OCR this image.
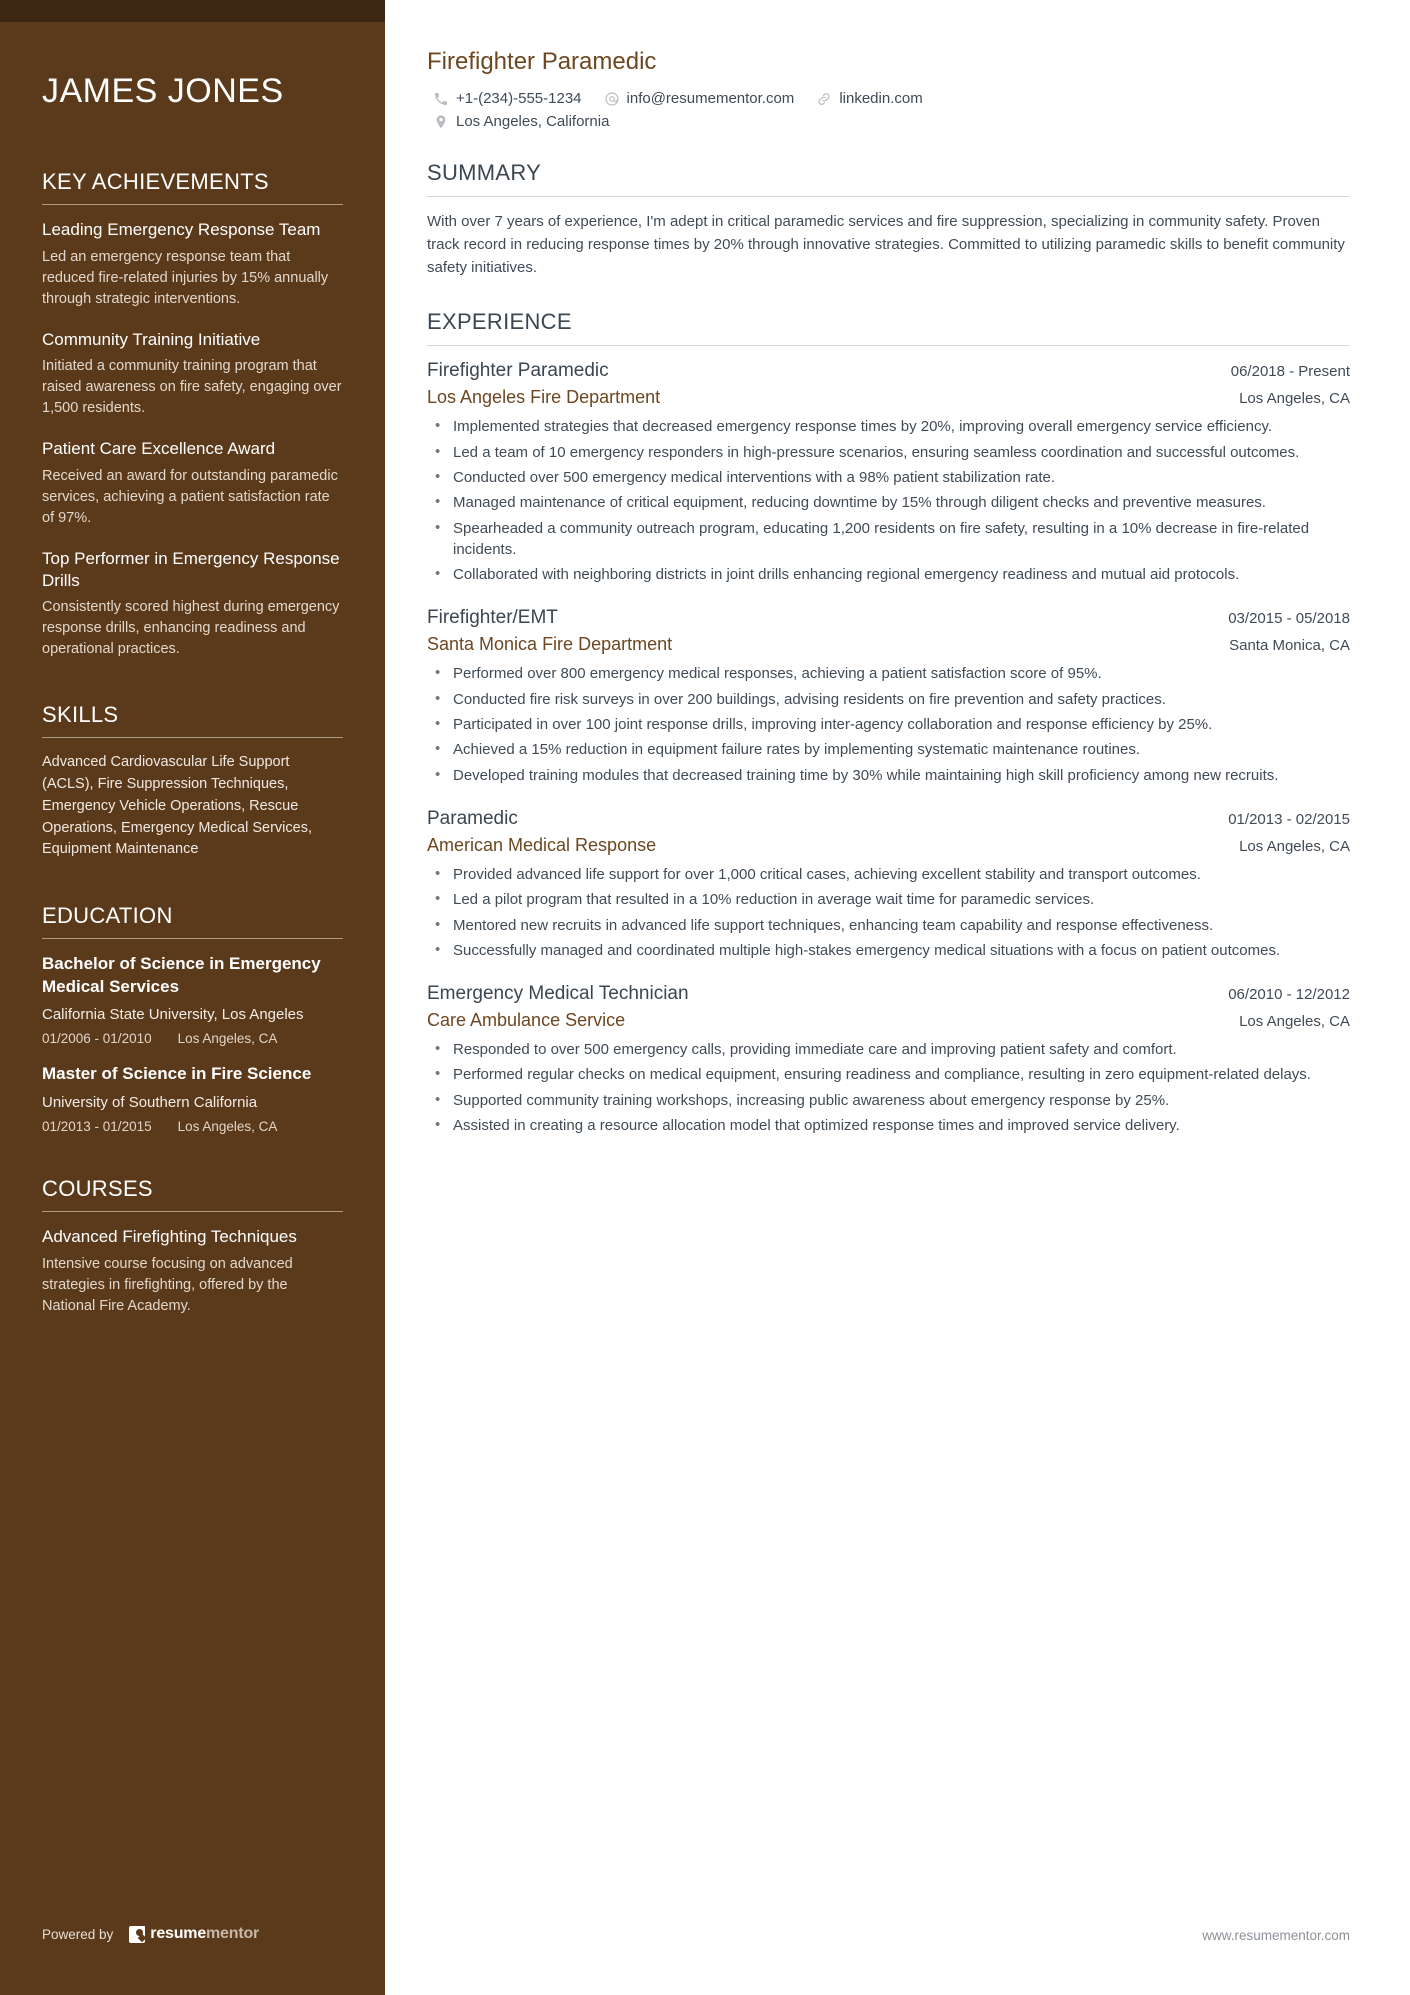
JAMES JONES
KEY ACHIEVEMENTS
Leading Emergency Response Team
Led an emergency response team that reduced fire-related injuries by 15% annually through strategic interventions.
Community Training Initiative
Initiated a community training program that raised awareness on fire safety, engaging over 1,500 residents.
Patient Care Excellence Award
Received an award for outstanding paramedic services, achieving a patient satisfaction rate of 97%.
Top Performer in Emergency Response Drills
Consistently scored highest during emergency response drills, enhancing readiness and operational practices.
SKILLS
Advanced Cardiovascular Life Support (ACLS), Fire Suppression Techniques, Emergency Vehicle Operations, Rescue Operations, Emergency Medical Services, Equipment Maintenance
EDUCATION
Bachelor of Science in Emergency Medical Services
California State University, Los Angeles
01/2006 - 01/2010 Los Angeles, CA
Master of Science in Fire Science
University of Southern California
01/2013 - 01/2015 Los Angeles, CA
COURSES
Advanced Firefighting Techniques
Intensive course focusing on advanced strategies in firefighting, offered by the National Fire Academy.
Powered by resumementor
Firefighter Paramedic
+1-(234)-555-1234	info@resumementor.com	linkedin.com
Los Angeles, California
SUMMARY

With over 7 years of experience, I'm adept in critical paramedic services and fire suppression, specializing in community safety. Proven track record in reducing response times by 20% through innovative strategies. Committed to utilizing paramedic skills to benefit community safety initiatives.

EXPERIENCE
Firefighter Paramedic	06/2018 - Present
Los Angeles Fire Department	Los Angeles, CA
• Implemented strategies that decreased emergency response times by 20%, improving overall emergency service efficiency.
• Led a team of 10 emergency responders in high-pressure scenarios, ensuring seamless coordination and successful outcomes.
• Conducted over 500 emergency medical interventions with a 98% patient stabilization rate.
• Managed maintenance of critical equipment, reducing downtime by 15% through diligent checks and preventive measures.
• Spearheaded a community outreach program, educating 1,200 residents on fire safety, resulting in a 10% decrease in fire-related incidents.
• Collaborated with neighboring districts in joint drills enhancing regional emergency readiness and mutual aid protocols.
Firefighter/EMT	03/2015 - 05/2018
Santa Monica Fire Department	Santa Monica, CA
• Performed over 800 emergency medical responses, achieving a patient satisfaction score of 95%.
• Conducted fire risk surveys in over 200 buildings, advising residents on fire prevention and safety practices.
• Participated in over 100 joint response drills, improving inter-agency collaboration and response efficiency by 25%.
• Achieved a 15% reduction in equipment failure rates by implementing systematic maintenance routines.
• Developed training modules that decreased training time by 30% while maintaining high skill proficiency among new recruits.
Paramedic	01/2013 - 02/2015
American Medical Response	Los Angeles, CA
• Provided advanced life support for over 1,000 critical cases, achieving excellent stability and transport outcomes.
• Led a pilot program that resulted in a 10% reduction in average wait time for paramedic services.
• Mentored new recruits in advanced life support techniques, enhancing team capability and response effectiveness.
• Successfully managed and coordinated multiple high-stakes emergency medical situations with a focus on patient outcomes.
Emergency Medical Technician	06/2010 - 12/2012
Care Ambulance Service	Los Angeles, CA
• Responded to over 500 emergency calls, providing immediate care and improving patient safety and comfort.
• Performed regular checks on medical equipment, ensuring readiness and compliance, resulting in zero equipment-related delays.
• Supported community training workshops, increasing public awareness about emergency response by 25%.
• Assisted in creating a resource allocation model that optimized response times and improved service delivery.
www.resumementor.com
